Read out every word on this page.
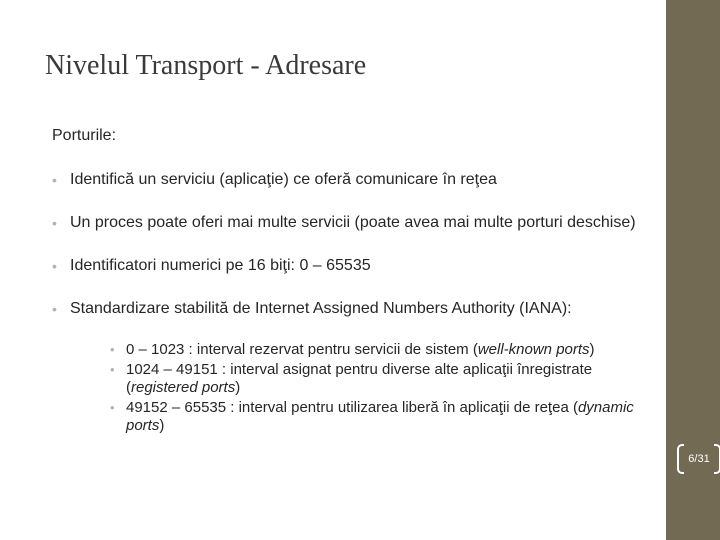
Nivelul Transport - Adresare
Porturile:
• Identifică un serviciu (aplicaţie) ce oferă comunicare în reţea
• Un proces poate oferi mai multe servicii (poate avea mai multe porturi deschise)
• Identificatori numerici pe 16 biţi: 0 – 65535
• Standardizare stabilită de Internet Assigned Numbers Authority (IANA):
• 0 – 1023 : interval rezervat pentru servicii de sistem (well-known ports)
• 1024 – 49151 : interval asignat pentru diverse alte aplicaţii înregistrate (registered ports)
• 49152 – 65535 : interval pentru utilizarea liberă în aplicaţii de reţea (dynamic ports)
6/31
